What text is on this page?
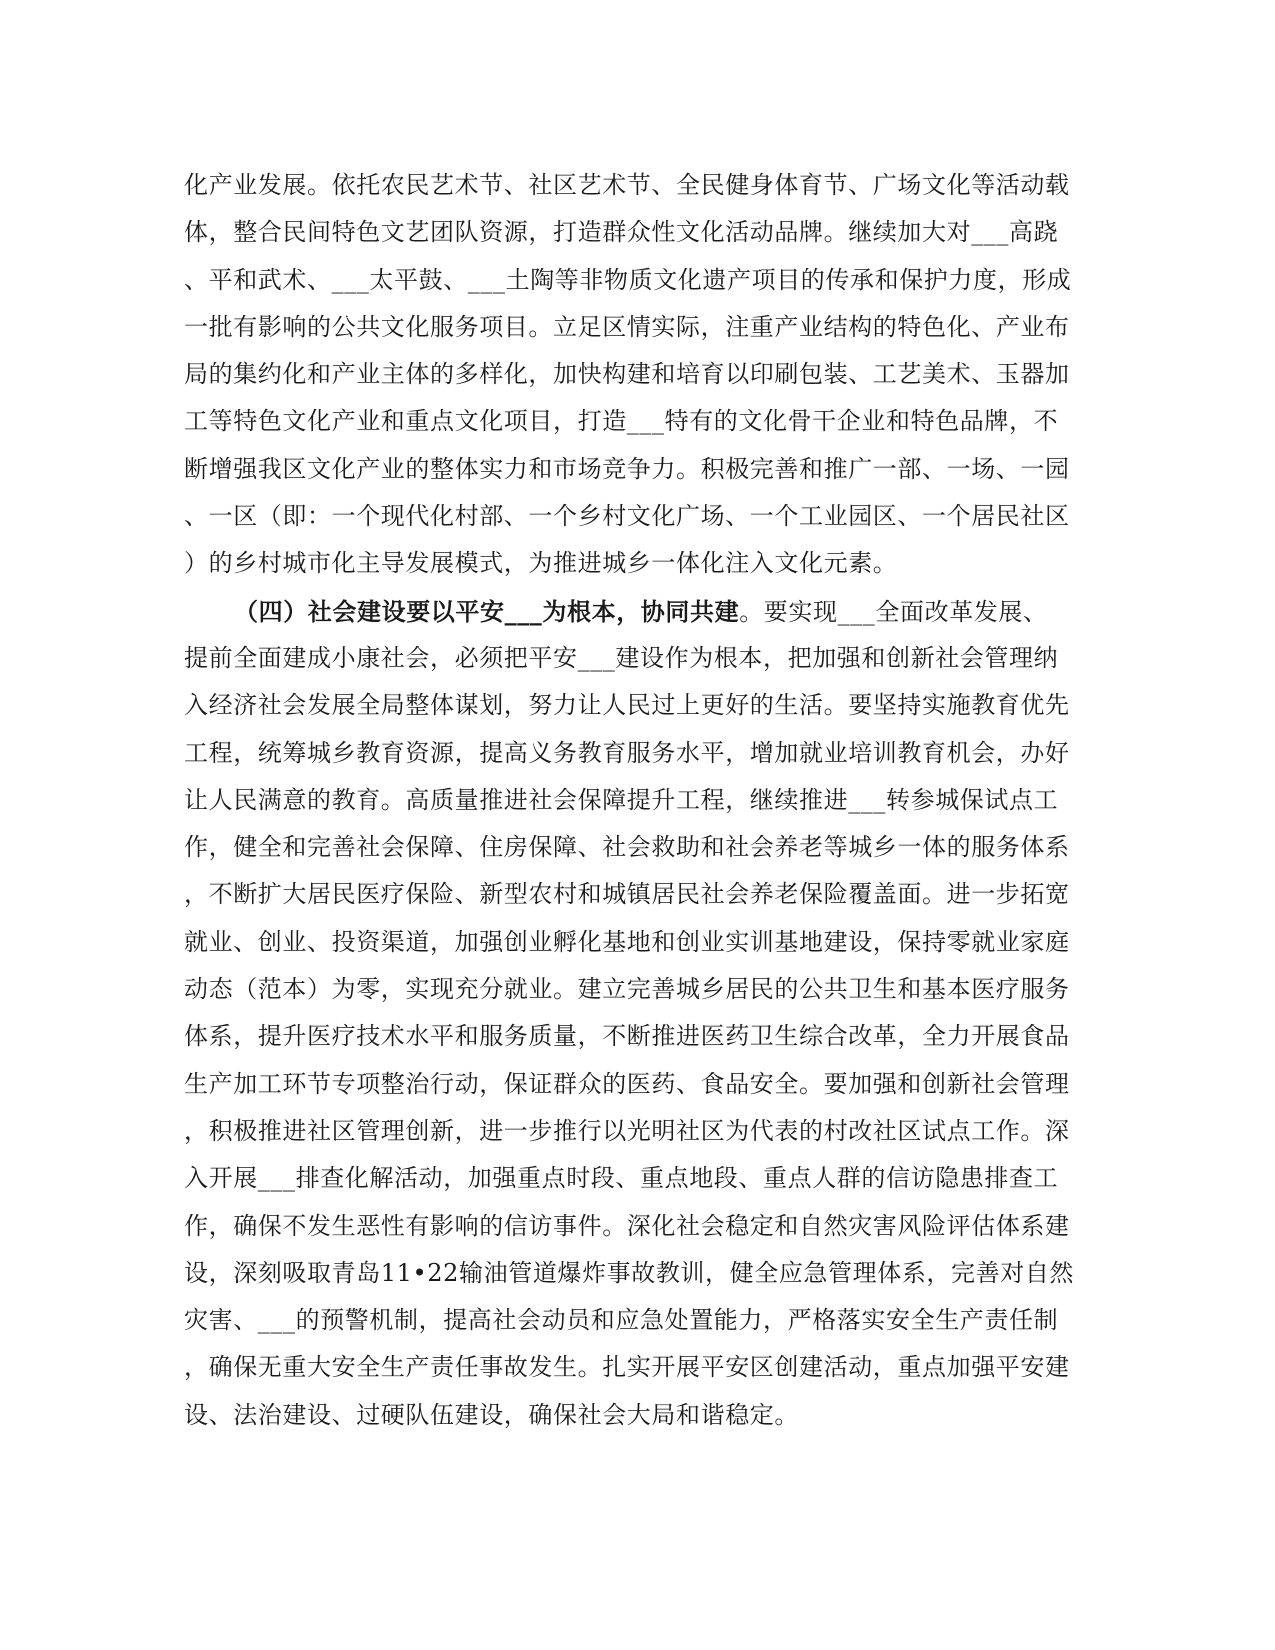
化产业发展。依托农民艺术节、社区艺术节、全民健身体育节、广场文化等活动载
体，整合民间特色文艺团队资源，打造群众性文化活动品牌。继续加大对___高跷
、平和武术、___太平鼓、___土陶等非物质文化遗产项目的传承和保护力度，形成
一批有影响的公共文化服务项目。立足区情实际，注重产业结构的特色化、产业布
局的集约化和产业主体的多样化，加快构建和培育以印刷包装、工艺美术、玉器加
工等特色文化产业和重点文化项目，打造___特有的文化骨干企业和特色品牌，不
断增强我区文化产业的整体实力和市场竞争力。积极完善和推广一部、一场、一园
、一区（即：一个现代化村部、一个乡村文化广场、一个工业园区、一个居民社区
）的乡村城市化主导发展模式，为推进城乡一体化注入文化元素。
（四）社会建设要以平安___为根本，协同共建。要实现___全面改革发展、
提前全面建成小康社会，必须把平安___建设作为根本，把加强和创新社会管理纳
入经济社会发展全局整体谋划，努力让人民过上更好的生活。要坚持实施教育优先
工程，统筹城乡教育资源，提高义务教育服务水平，增加就业培训教育机会，办好
让人民满意的教育。高质量推进社会保障提升工程，继续推进___转参城保试点工
作，健全和完善社会保障、住房保障、社会救助和社会养老等城乡一体的服务体系
，不断扩大居民医疗保险、新型农村和城镇居民社会养老保险覆盖面。进一步拓宽
就业、创业、投资渠道，加强创业孵化基地和创业实训基地建设，保持零就业家庭
动态（范本）为零，实现充分就业。建立完善城乡居民的公共卫生和基本医疗服务
体系，提升医疗技术水平和服务质量，不断推进医药卫生综合改革，全力开展食品
生产加工环节专项整治行动，保证群众的医药、食品安全。要加强和创新社会管理
，积极推进社区管理创新，进一步推行以光明社区为代表的村改社区试点工作。深
入开展___排查化解活动，加强重点时段、重点地段、重点人群的信访隐患排查工
作，确保不发生恶性有影响的信访事件。深化社会稳定和自然灾害风险评估体系建
设，深刻吸取青岛11•22输油管道爆炸事故教训，健全应急管理体系，完善对自然
灾害、___的预警机制，提高社会动员和应急处置能力，严格落实安全生产责任制
，确保无重大安全生产责任事故发生。扎实开展平安区创建活动，重点加强平安建
设、法治建设、过硬队伍建设，确保社会大局和谐稳定。
